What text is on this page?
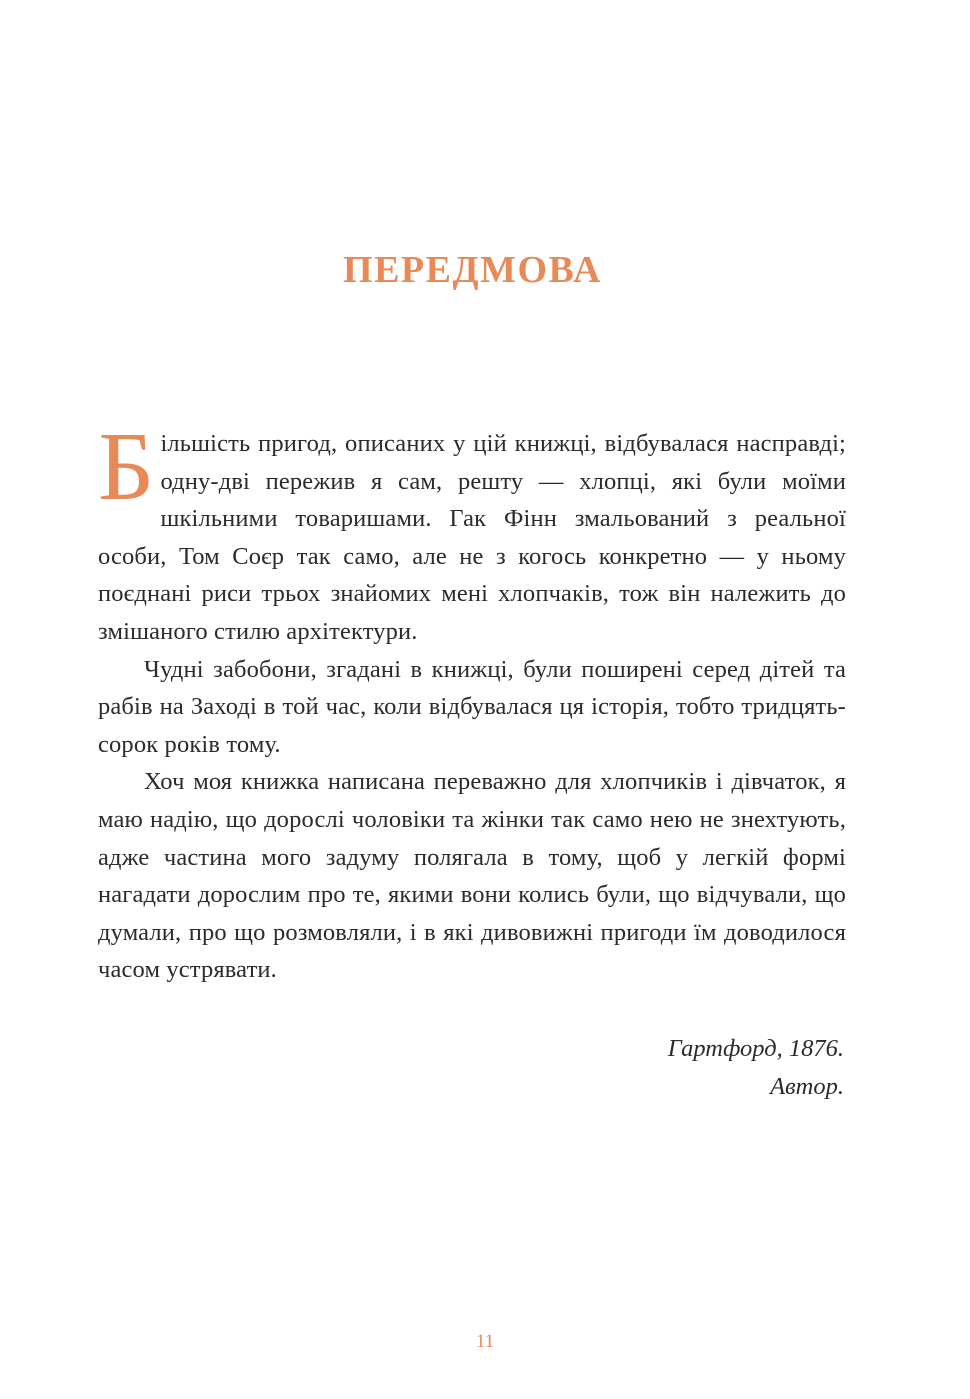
ПЕРЕДМОВА

Більшість пригод, описаних у цій книжці, відбувалася насправді; одну-дві пережив я сам, решту — хлопці, які були моїми шкільними товаришами. Гак Фінн змальований з реальної особи, Том Соєр так само, але не з когось конкретно — у ньому поєднані риси трьох знайомих мені хлопчаків, тож він належить до змішаного стилю архітектури.

Чудні забобони, згадані в книжці, були поширені серед дітей та рабів на Заході в той час, коли відбувалася ця історія, тобто тридцять-сорок років тому.

Хоч моя книжка написана переважно для хлопчиків і дівчаток, я маю надію, що дорослі чоловіки та жінки так само нею не знехтують, адже частина мого задуму полягала в тому, щоб у легкій формі нагадати дорослим про те, якими вони колись були, що відчували, що думали, про що розмовляли, і в які дивовижні пригоди їм доводилося часом устрявати.

Гартфорд, 1876.
Автор.
11
